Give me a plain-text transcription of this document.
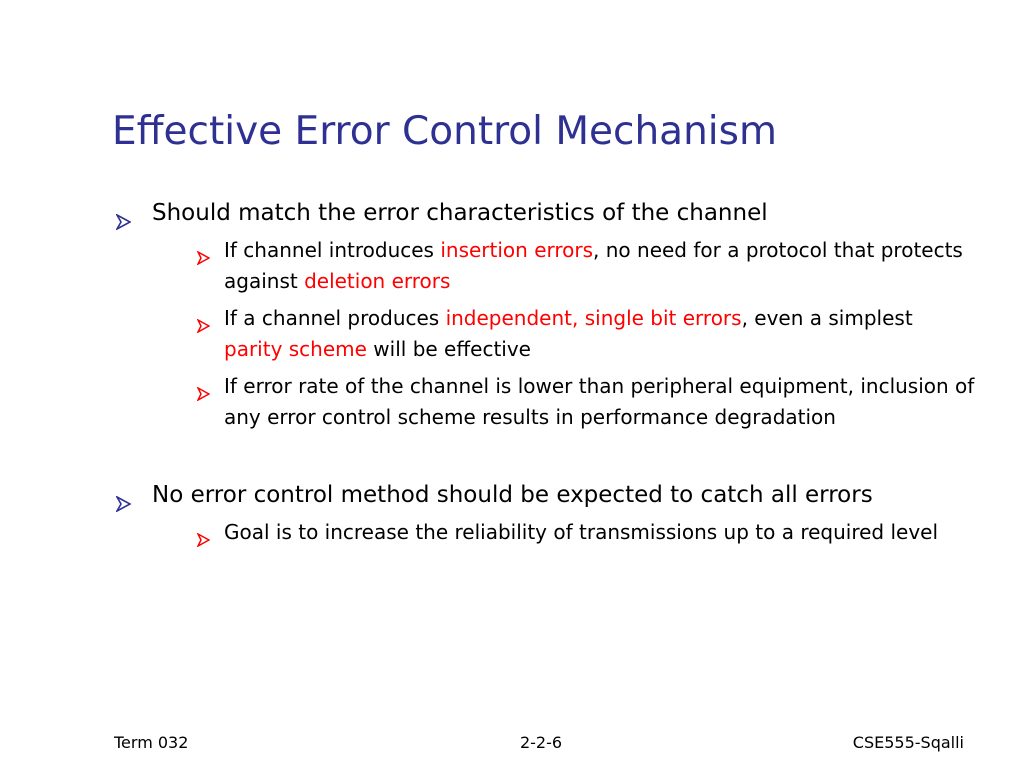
Effective Error Control Mechanism
Should match the error characteristics of the channel
If channel introduces insertion errors, no need for a protocol that protects against deletion errors
If a channel produces independent, single bit errors, even a simplest parity scheme will be effective
If error rate of the channel is lower than peripheral equipment, inclusion of any error control scheme results in performance degradation
No error control method should be expected to catch all errors
Goal is to increase the reliability of transmissions up to a required level
Term 032	2-2-6	CSE555-Sqalli
